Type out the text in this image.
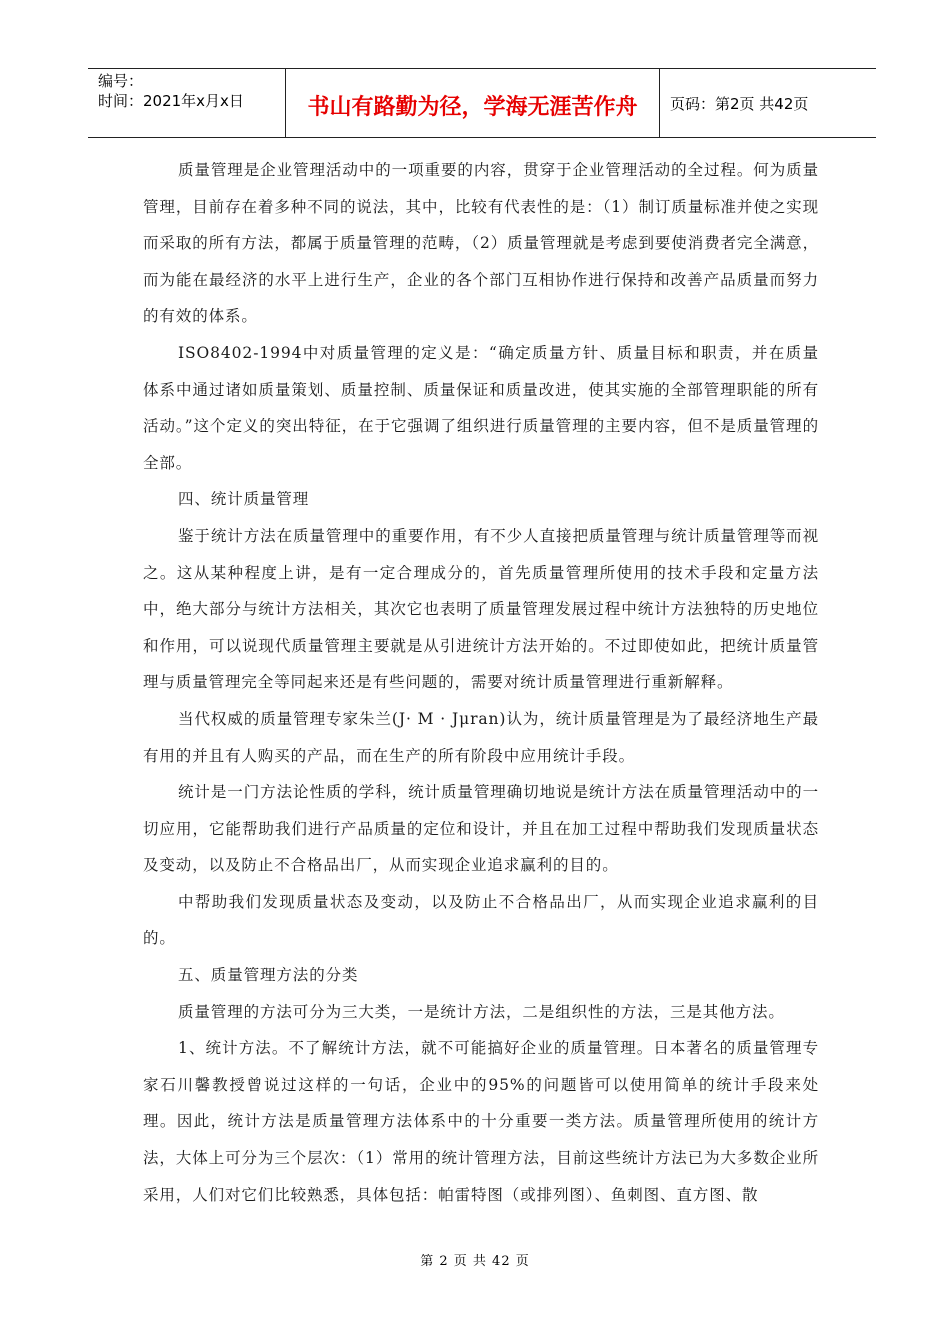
编号：
时间：2021年x月x日	书山有路勤为径，学海无涯苦作舟	页码：第2页 共42页

质量管理是企业管理活动中的一项重要的内容，贯穿于企业管理活动的全过程。何为质量管理，目前存在着多种不同的说法，其中，比较有代表性的是：（1）制订质量标准并使之实现而采取的所有方法，都属于质量管理的范畴，（2）质量管理就是考虑到要使消费者完全满意，而为能在最经济的水平上进行生产，企业的各个部门互相协作进行保持和改善产品质量而努力的有效的体系。

ISO8402-1994中对质量管理的定义是：“确定质量方针、质量目标和职责，并在质量体系中通过诸如质量策划、质量控制、质量保证和质量改进，使其实施的全部管理职能的所有活动。”这个定义的突出特征，在于它强调了组织进行质量管理的主要内容，但不是质量管理的全部。

四、统计质量管理

鉴于统计方法在质量管理中的重要作用，有不少人直接把质量管理与统计质量管理等而视之。这从某种程度上讲，是有一定合理成分的，首先质量管理所使用的技术手段和定量方法中，绝大部分与统计方法相关，其次它也表明了质量管理发展过程中统计方法独特的历史地位和作用，可以说现代质量管理主要就是从引进统计方法开始的。不过即使如此，把统计质量管理与质量管理完全等同起来还是有些问题的，需要对统计质量管理进行重新解释。

当代权威的质量管理专家朱兰(J· M · Jμran)认为，统计质量管理是为了最经济地生产最有用的并且有人购买的产品，而在生产的所有阶段中应用统计手段。

统计是一门方法论性质的学科，统计质量管理确切地说是统计方法在质量管理活动中的一切应用，它能帮助我们进行产品质量的定位和设计，并且在加工过程中帮助我们发现质量状态及变动，以及防止不合格品出厂，从而实现企业追求赢利的目的。

中帮助我们发现质量状态及变动，以及防止不合格品出厂，从而实现企业追求赢利的目的。

五、质量管理方法的分类

质量管理的方法可分为三大类，一是统计方法，二是组织性的方法，三是其他方法。

1、统计方法。不了解统计方法，就不可能搞好企业的质量管理。日本著名的质量管理专家石川馨教授曾说过这样的一句话，企业中的95%的问题皆可以使用简单的统计手段来处理。因此，统计方法是质量管理方法体系中的十分重要一类方法。质量管理所使用的统计方法，大体上可分为三个层次：（1）常用的统计管理方法，目前这些统计方法已为大多数企业所采用，人们对它们比较熟悉，具体包括：帕雷特图（或排列图）、鱼刺图、直方图、散

第 2 页 共 42 页
